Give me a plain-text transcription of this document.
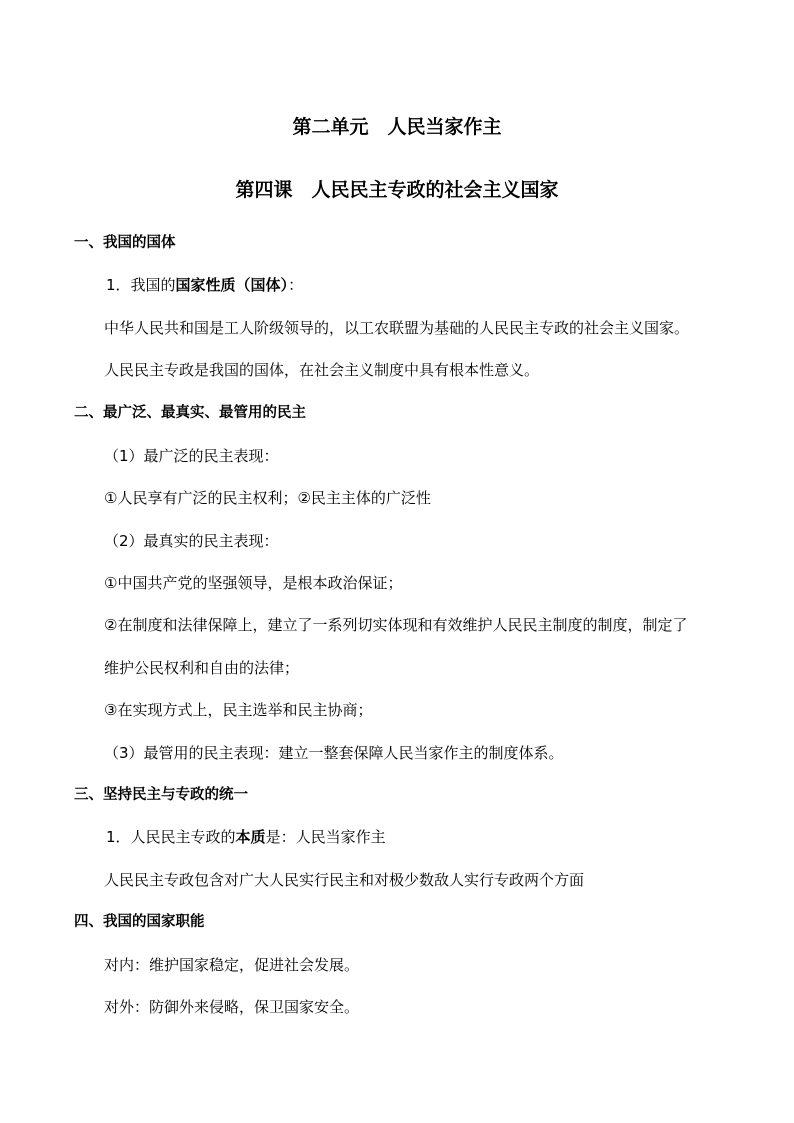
第二单元　人民当家作主
第四课　人民民主专政的社会主义国家
一、我国的国体
1．我国的国家性质（国体）：
中华人民共和国是工人阶级领导的，以工农联盟为基础的人民民主专政的社会主义国家。
人民民主专政是我国的国体，在社会主义制度中具有根本性意义。
二、最广泛、最真实、最管用的民主
（1）最广泛的民主表现：
①人民享有广泛的民主权利；②民主主体的广泛性
（2）最真实的民主表现：
①中国共产党的坚强领导，是根本政治保证；
②在制度和法律保障上，建立了一系列切实体现和有效维护人民民主制度的制度，制定了
维护公民权利和自由的法律；
③在实现方式上，民主选举和民主协商；
（3）最管用的民主表现：建立一整套保障人民当家作主的制度体系。
三、坚持民主与专政的统一
1．人民民主专政的本质是：人民当家作主
人民民主专政包含对广大人民实行民主和对极少数敌人实行专政两个方面
四、我国的国家职能
对内：维护国家稳定，促进社会发展。
对外：防御外来侵略，保卫国家安全。
